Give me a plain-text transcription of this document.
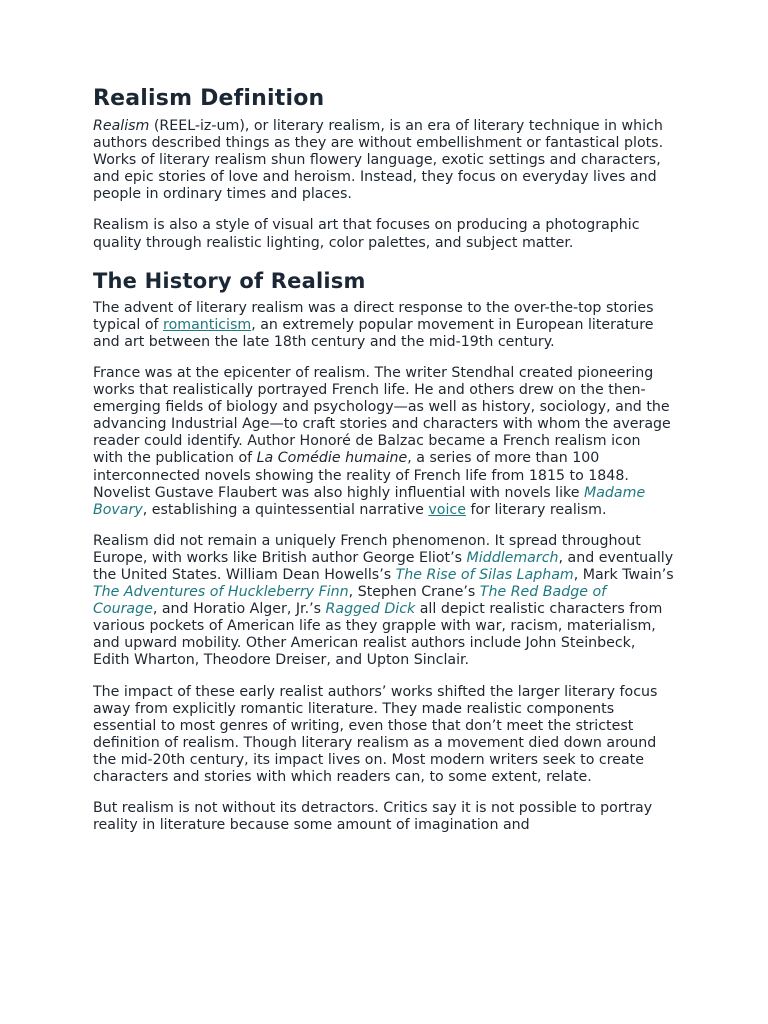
Realism Definition

Realism (REEL-iz-um), or literary realism, is an era of literary technique in which authors described things as they are without embellishment or fantastical plots. Works of literary realism shun flowery language, exotic settings and characters, and epic stories of love and heroism. Instead, they focus on everyday lives and people in ordinary times and places.

Realism is also a style of visual art that focuses on producing a photographic quality through realistic lighting, color palettes, and subject matter.

The History of Realism

The advent of literary realism was a direct response to the over-the-top stories typical of romanticism, an extremely popular movement in European literature and art between the late 18th century and the mid-19th century.

France was at the epicenter of realism. The writer Stendhal created pioneering works that realistically portrayed French life. He and others drew on the then-emerging fields of biology and psychology—as well as history, sociology, and the advancing Industrial Age—to craft stories and characters with whom the average reader could identify. Author Honoré de Balzac became a French realism icon with the publication of La Comédie humaine, a series of more than 100 interconnected novels showing the reality of French life from 1815 to 1848. Novelist Gustave Flaubert was also highly influential with novels like Madame Bovary, establishing a quintessential narrative voice for literary realism.

Realism did not remain a uniquely French phenomenon. It spread throughout Europe, with works like British author George Eliot’s Middlemarch, and eventually the United States. William Dean Howells’s The Rise of Silas Lapham, Mark Twain’s The Adventures of Huckleberry Finn, Stephen Crane’s The Red Badge of Courage, and Horatio Alger, Jr.’s Ragged Dick all depict realistic characters from various pockets of American life as they grapple with war, racism, materialism, and upward mobility. Other American realist authors include John Steinbeck, Edith Wharton, Theodore Dreiser, and Upton Sinclair.

The impact of these early realist authors’ works shifted the larger literary focus away from explicitly romantic literature. They made realistic components essential to most genres of writing, even those that don’t meet the strictest definition of realism. Though literary realism as a movement died down around the mid-20th century, its impact lives on. Most modern writers seek to create characters and stories with which readers can, to some extent, relate.

But realism is not without its detractors. Critics say it is not possible to portray reality in literature because some amount of imagination and
